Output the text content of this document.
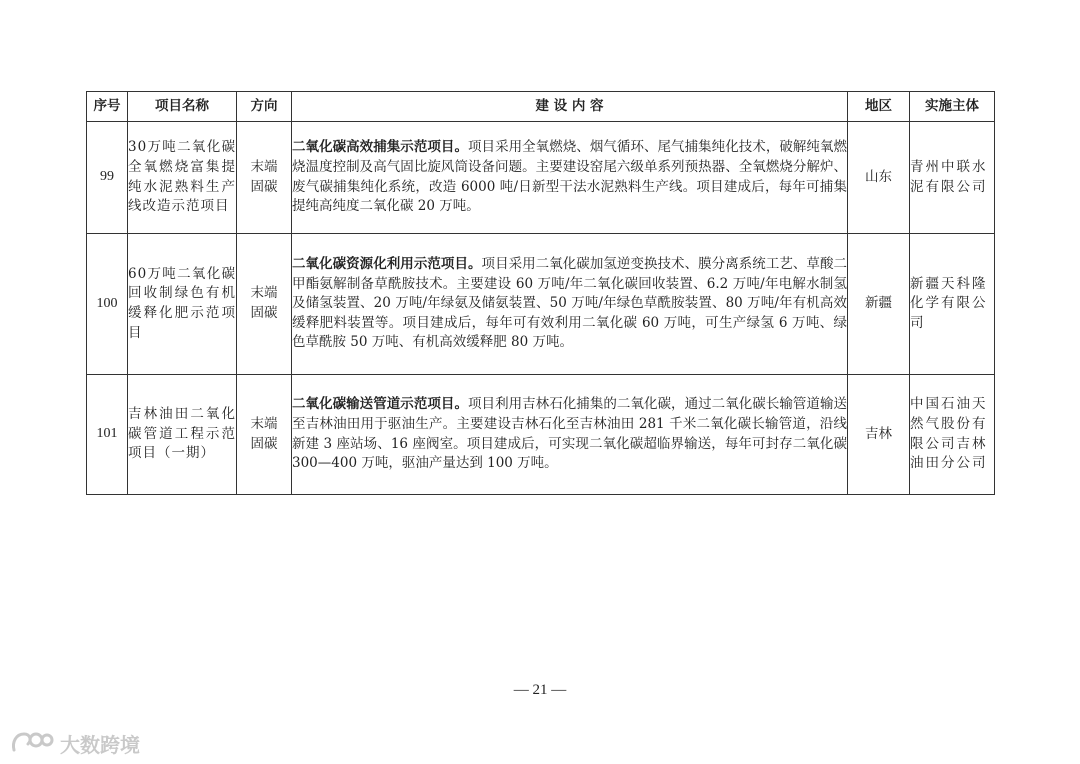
序号	项目名称	方向	建 设 内 容	地区	实施主体
99	30万吨二氧化碳全氧燃烧富集提纯水泥熟料生产线改造示范项目	末端固碳	二氧化碳高效捕集示范项目。项目采用全氧燃烧、烟气循环、尾气捕集纯化技术，破解纯氧燃烧温度控制及高气固比旋风筒设备问题。主要建设窑尾六级单系列预热器、全氧燃烧分解炉、废气碳捕集纯化系统，改造 6000 吨/日新型干法水泥熟料生产线。项目建成后，每年可捕集提纯高纯度二氧化碳 20 万吨。	山东	青州中联水泥有限公司
100	60万吨二氧化碳回收制绿色有机缓释化肥示范项目	末端固碳	二氧化碳资源化利用示范项目。项目采用二氧化碳加氢逆变换技术、膜分离系统工艺、草酸二甲酯氨解制备草酰胺技术。主要建设 60 万吨/年二氧化碳回收装置、6.2 万吨/年电解水制氢及储氢装置、20 万吨/年绿氨及储氨装置、50 万吨/年绿色草酰胺装置、80 万吨/年有机高效缓释肥料装置等。项目建成后，每年可有效利用二氧化碳 60 万吨，可生产绿氢 6 万吨、绿色草酰胺 50 万吨、有机高效缓释肥 80 万吨。	新疆	新疆天科隆化学有限公司
101	吉林油田二氧化碳管道工程示范项目（一期）	末端固碳	二氧化碳输送管道示范项目。项目利用吉林石化捕集的二氧化碳，通过二氧化碳长输管道输送至吉林油田用于驱油生产。主要建设吉林石化至吉林油田 281 千米二氧化碳长输管道，沿线新建 3 座站场、16 座阀室。项目建成后，可实现二氧化碳超临界输送，每年可封存二氧化碳 300—400 万吨，驱油产量达到 100 万吨。	吉林	中国石油天然气股份有限公司吉林油田分公司
— 21 —
大数跨境
